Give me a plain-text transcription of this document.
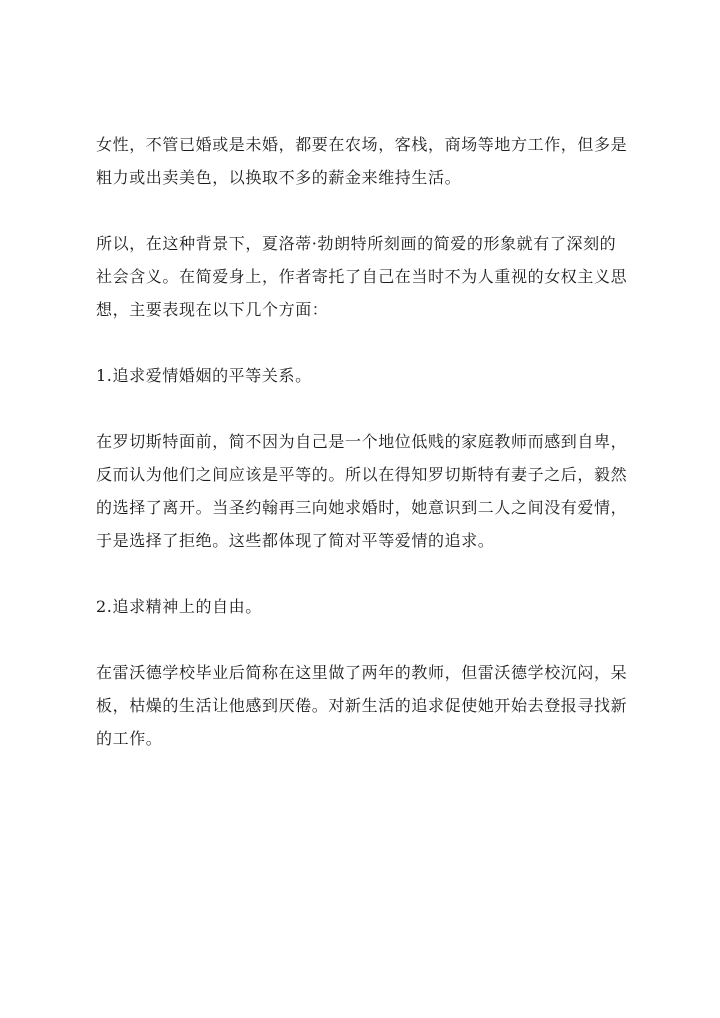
女性，不管已婚或是未婚，都要在农场，客栈，商场等地方工作，但多是
粗力或出卖美色，以换取不多的薪金来维持生活。

所以，在这种背景下，夏洛蒂·勃朗特所刻画的简爱的形象就有了深刻的
社会含义。在简爱身上，作者寄托了自己在当时不为人重视的女权主义思
想，主要表现在以下几个方面：

1.追求爱情婚姻的平等关系。

在罗切斯特面前，简不因为自己是一个地位低贱的家庭教师而感到自卑，
反而认为他们之间应该是平等的。所以在得知罗切斯特有妻子之后，毅然
的选择了离开。当圣约翰再三向她求婚时，她意识到二人之间没有爱情，
于是选择了拒绝。这些都体现了简对平等爱情的追求。

2.追求精神上的自由。

在雷沃德学校毕业后简称在这里做了两年的教师，但雷沃德学校沉闷，呆
板，枯燥的生活让他感到厌倦。对新生活的追求促使她开始去登报寻找新
的工作。
